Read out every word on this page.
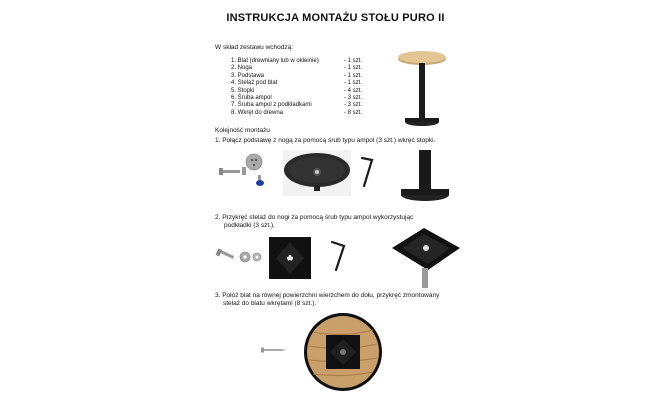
INSTRUKCJA MONTAŻU STOŁU PURO II
W skład zestawu wchodzą:
1. Blat (drewniany lub w okleinie)	- 1 szt.
2. Noga	- 1 szt.
3. Podstawa	- 1 szt.
4. Stelaż pod blat	- 1 szt.
5. Stopki	- 4 szt.
6. Śruba ampol	- 3 szt.
7. Śruba ampol z podkładkami	- 3 szt.
8. Wkręt do drewna	- 8 szt.
Kolejność montażu
1. Połącz podstawę z nogą za pomocą śrub typu ampol (3 szt.) wkręć stopki.
2. Przykręć stelaż do nogi za pomocą śrub typu ampol wykorzystując
podkładki (3 szt.).
3. Połóż blat na równej powierzchni wierzchem do dołu, przykręć zmontowany
stelaż do blatu wkrętami (8 szt.).
